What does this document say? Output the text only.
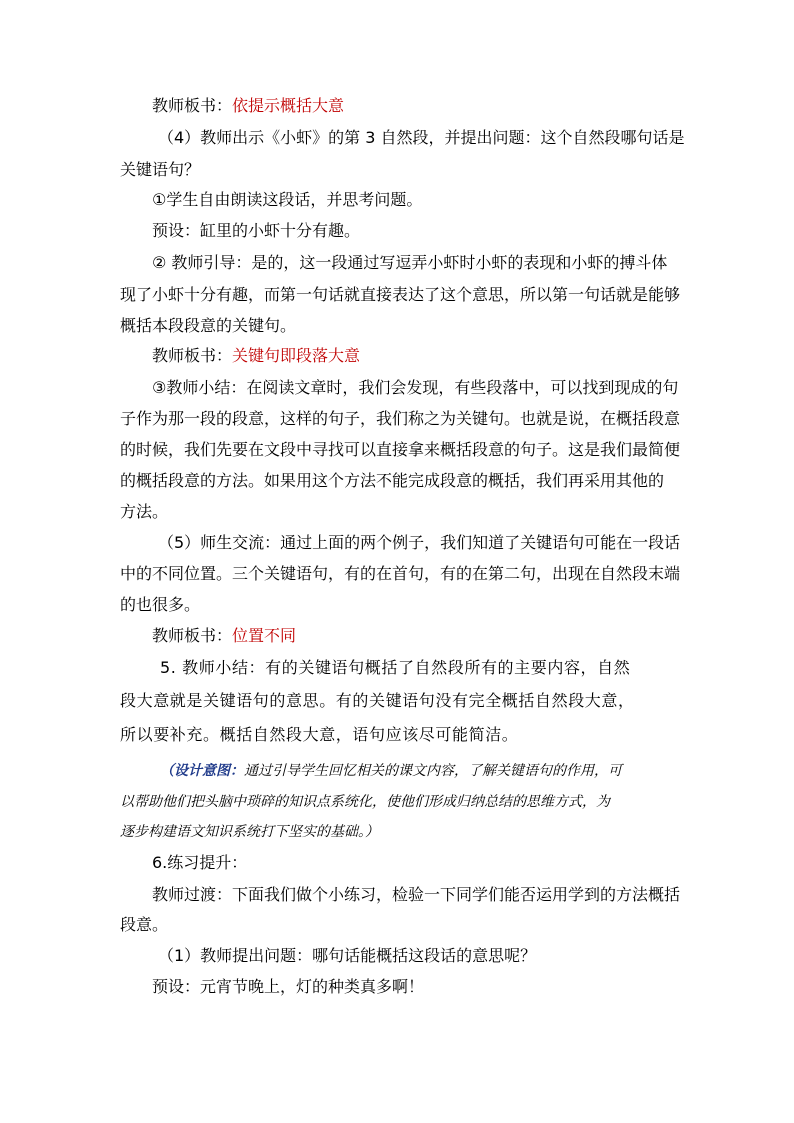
教师板书：依提示概括大意
（4）教师出示《小虾》的第 3 自然段，并提出问题：这个自然段哪句话是
关键语句？
①学生自由朗读这段话，并思考问题。
预设：缸里的小虾十分有趣。
② 教师引导：是的，这一段通过写逗弄小虾时小虾的表现和小虾的搏斗体
现了小虾十分有趣，而第一句话就直接表达了这个意思，所以第一句话就是能够
概括本段段意的关键句。
教师板书：关键句即段落大意
③教师小结：在阅读文章时，我们会发现，有些段落中，可以找到现成的句
子作为那一段的段意，这样的句子，我们称之为关键句。也就是说，在概括段意
的时候，我们先要在文段中寻找可以直接拿来概括段意的句子。这是我们最简便
的概括段意的方法。如果用这个方法不能完成段意的概括，我们再采用其他的
方法。
（5）师生交流：通过上面的两个例子，我们知道了关键语句可能在一段话
中的不同位置。三个关键语句，有的在首句，有的在第二句，出现在自然段末端
的也很多。
教师板书：位置不同
5. 教师小结：有的关键语句概括了自然段所有的主要内容，自然
段大意就是关键语句的意思。有的关键语句没有完全概括自然段大意，
所以要补充。概括自然段大意，语句应该尽可能简洁。
（设计意图：通过引导学生回忆相关的课文内容，了解关键语句的作用，可
以帮助他们把头脑中琐碎的知识点系统化，使他们形成归纳总结的思维方式，为
逐步构建语文知识系统打下坚实的基础。）
6.练习提升：
教师过渡：下面我们做个小练习，检验一下同学们能否运用学到的方法概括
段意。
（1）教师提出问题：哪句话能概括这段话的意思呢？
预设：元宵节晚上，灯的种类真多啊！
